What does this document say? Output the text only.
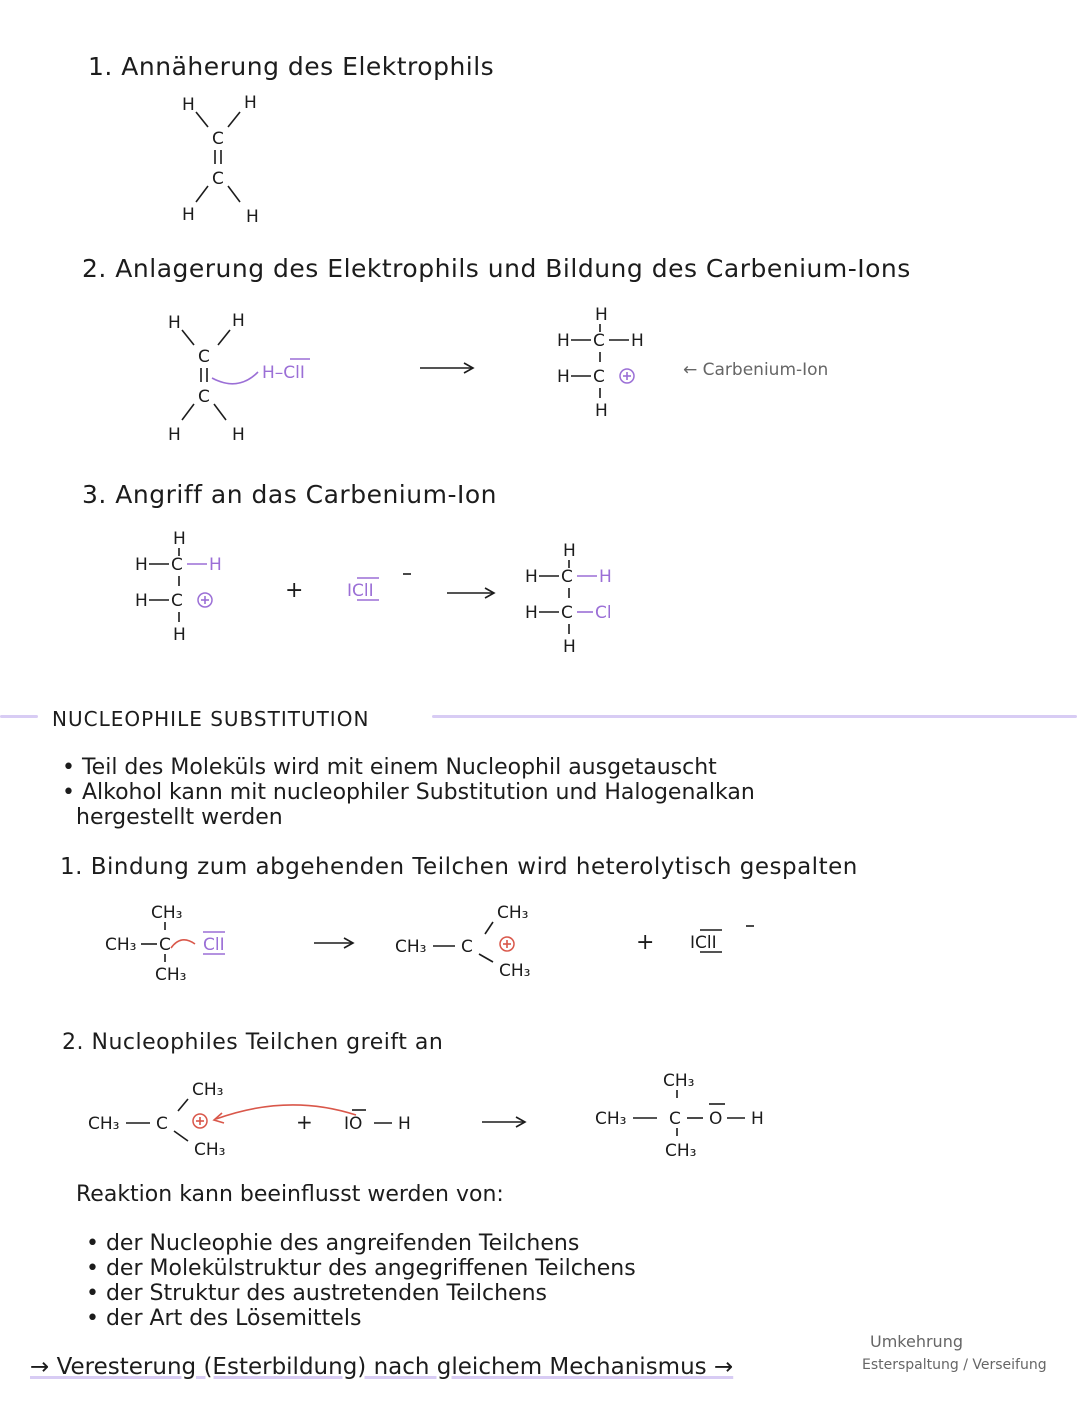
1. Annäherung des Elektrophils
H	H
C
C
H	H
2. Anlagerung des Elektrophils und Bildung des Carbenium-Ions
H	H
C
C
H	H
H–ClI
H
H C H
H C
H
← Carbenium-Ion
3. Angriff an das Carbenium-Ion
H
H C H
H C
H
+	IClI
H
H C H
H C Cl
H
NUCLEOPHILE SUBSTITUTION
• Teil des Moleküls wird mit einem Nucleophil ausgetauscht
• Alkohol kann mit nucleophiler Substitution und Halogenalkan
hergestellt werden
1. Bindung zum abgehenden Teilchen wird heterolytisch gespalten
CH₃
CH₃ C ClI
CH₃
CH₃
CH₃ C
CH₃
+ IClI
2. Nucleophiles Teilchen greift an
CH₃
CH₃ C
CH₃
+ IO H
CH₃
CH₃	C O H
CH₃
Reaktion kann beeinflusst werden von:
• der Nucleophie des angreifenden Teilchens
• der Molekülstruktur des angegriffenen Teilchens
• der Struktur des austretenden Teilchens
• der Art des Lösemittels
→ Veresterung (Esterbildung) nach gleichem Mechanismus →
Umkehrung
Esterspaltung / Verseifung
